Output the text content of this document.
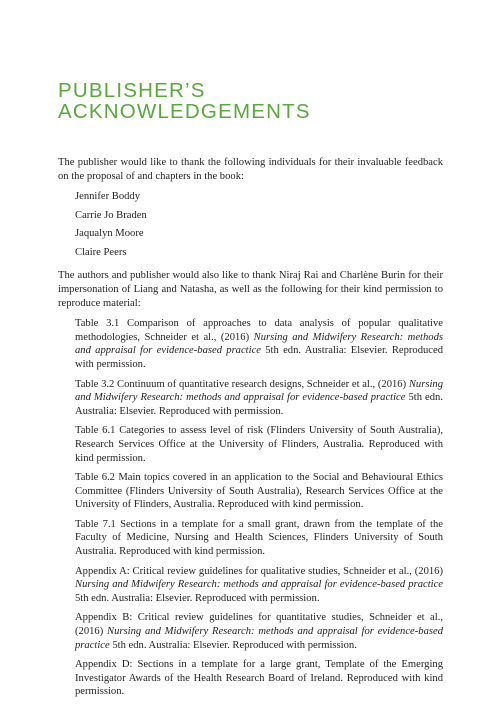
PUBLISHER’S
ACKNOWLEDGEMENTS

The publisher would like to thank the following individuals for their invaluable feedback on the proposal of and chapters in the book:

Jennifer Boddy
Carrie Jo Braden
Jaqualyn Moore
Claire Peers

The authors and publisher would also like to thank Niraj Rai and Charlène Burin for their impersonation of Liang and Natasha, as well as the following for their kind permission to reproduce material:

Table 3.1 Comparison of approaches to data analysis of popular qualitative methodologies, Schneider et al., (2016) Nursing and Midwifery Research: methods and appraisal for evidence-based practice 5th edn. Australia: Elsevier. Reproduced with permission.
Table 3.2 Continuum of quantitative research designs, Schneider et al., (2016) Nursing and Midwifery Research: methods and appraisal for evidence-based practice 5th edn. Australia: Elsevier. Reproduced with permission.
Table 6.1 Categories to assess level of risk (Flinders University of South Australia), Research Services Office at the University of Flinders, Australia. Reproduced with kind permission.
Table 6.2 Main topics covered in an application to the Social and Behavioural Ethics Committee (Flinders University of South Australia), Research Services Office at the University of Flinders, Australia. Reproduced with kind permission.
Table 7.1 Sections in a template for a small grant, drawn from the template of the Faculty of Medicine, Nursing and Health Sciences, Flinders University of South Australia. Reproduced with kind permission.
Appendix A: Critical review guidelines for qualitative studies, Schneider et al., (2016) Nursing and Midwifery Research: methods and appraisal for evidence-based practice 5th edn. Australia: Elsevier. Reproduced with permission.
Appendix B: Critical review guidelines for quantitative studies, Schneider et al., (2016) Nursing and Midwifery Research: methods and appraisal for evidence-based practice 5th edn. Australia: Elsevier. Reproduced with permission.
Appendix D: Sections in a template for a large grant, Template of the Emerging Investigator Awards of the Health Research Board of Ireland. Reproduced with kind permission.
